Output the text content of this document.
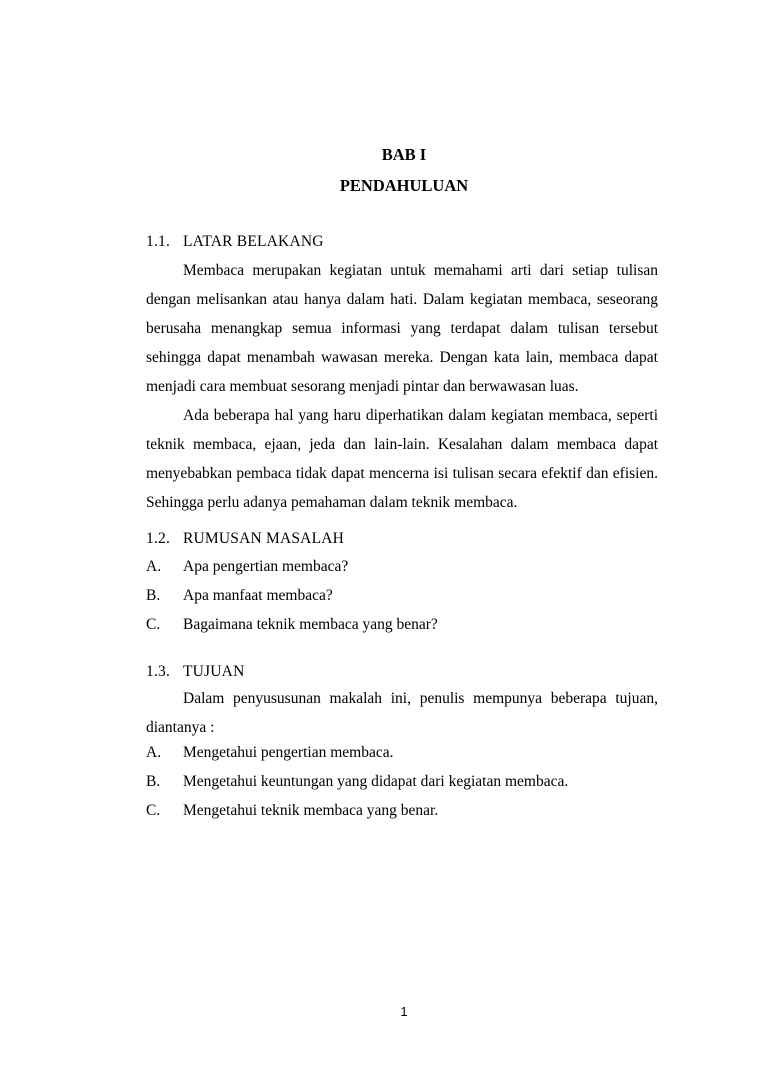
BAB I
PENDAHULUAN
1.1. LATAR BELAKANG

Membaca merupakan kegiatan untuk memahami arti dari setiap tulisan dengan melisankan atau hanya dalam hati. Dalam kegiatan membaca, seseorang berusaha menangkap semua informasi yang terdapat dalam tulisan tersebut sehingga dapat menambah wawasan mereka. Dengan kata lain, membaca dapat menjadi cara membuat sesorang menjadi pintar dan berwawasan luas.

Ada beberapa hal yang haru diperhatikan dalam kegiatan membaca, seperti teknik membaca, ejaan, jeda dan lain-lain. Kesalahan dalam membaca dapat menyebabkan pembaca tidak dapat mencerna isi tulisan secara efektif dan efisien. Sehingga perlu adanya pemahaman dalam teknik membaca.

1.2. RUMUSAN MASALAH
A.	Apa pengertian membaca?
B.	Apa manfaat membaca?
C.	Bagaimana teknik membaca yang benar?
1.3. TUJUAN

Dalam penyususunan makalah ini, penulis mempunya beberapa tujuan, diantanya :

A.	Mengetahui pengertian membaca.
B.	Mengetahui keuntungan yang didapat dari kegiatan membaca.
C.	Mengetahui teknik membaca yang benar.
1
